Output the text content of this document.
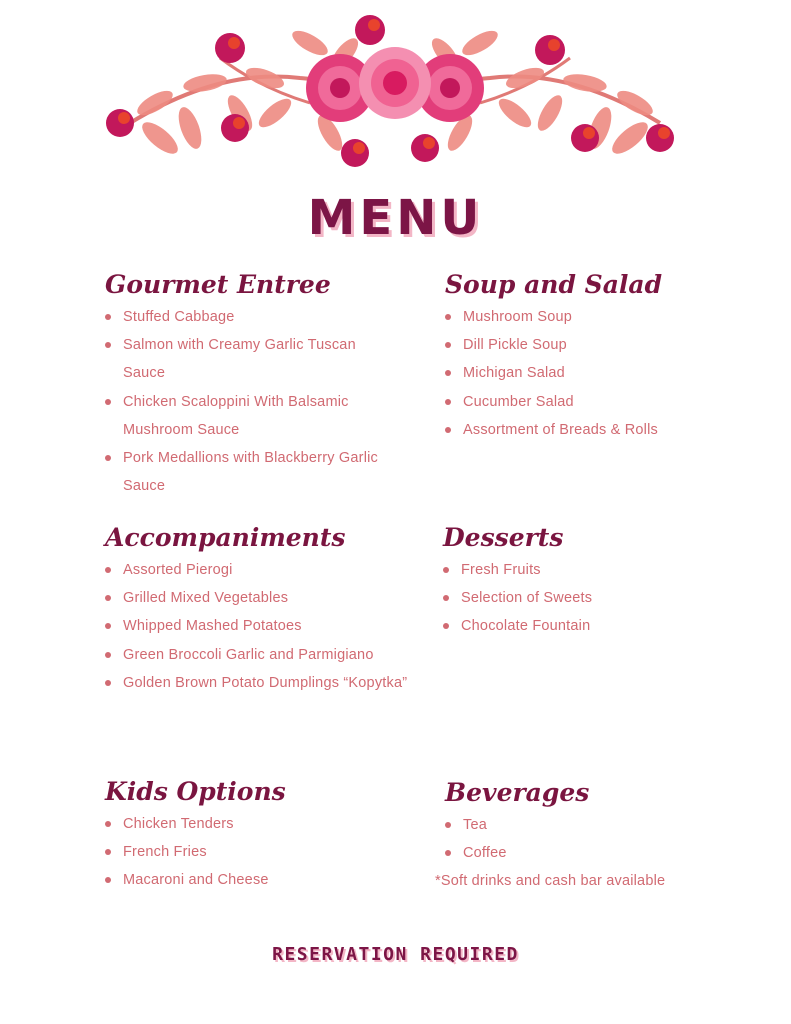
MENU
Gourmet Entree
Stuffed Cabbage
Salmon with Creamy Garlic Tuscan Sauce
Chicken Scaloppini With Balsamic Mushroom Sauce
Pork Medallions with Blackberry Garlic Sauce
Soup and Salad
Mushroom Soup
Dill Pickle Soup
Michigan Salad
Cucumber Salad
Assortment of Breads & Rolls
Accompaniments
Assorted Pierogi
Grilled Mixed Vegetables
Whipped Mashed Potatoes
Green Broccoli Garlic and Parmigiano
Golden Brown Potato Dumplings “Kopytka”
Desserts
Fresh Fruits
Selection of Sweets
Chocolate Fountain
Kids Options
Chicken Tenders
French Fries
Macaroni and Cheese
Beverages
Tea
Coffee
*Soft drinks and cash bar available
RESERVATION REQUIRED
